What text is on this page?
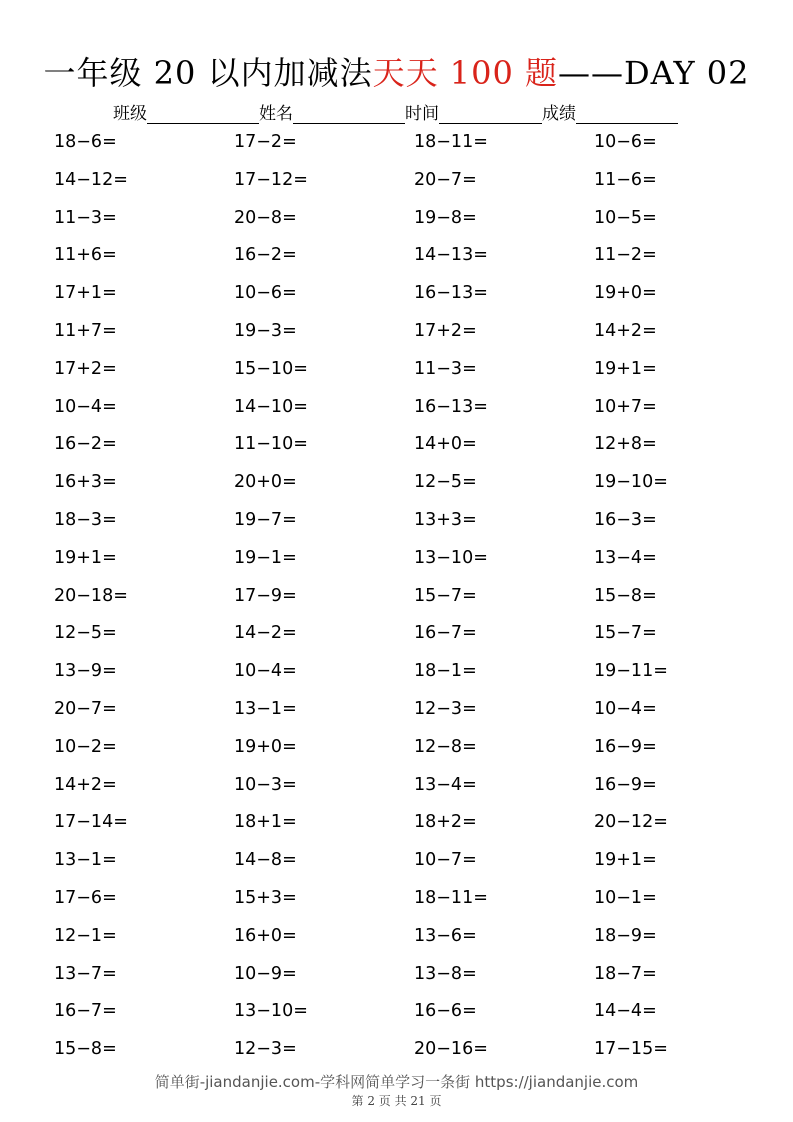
一年级 20 以内加减法天天 100 题——DAY 02
班级	姓名	时间	成绩
18−6=	17−2=	18−11=	10−6=
14−12=	17−12=	20−7=	11−6=
11−3=	20−8=	19−8=	10−5=
11+6=	16−2=	14−13=	11−2=
17+1=	10−6=	16−13=	19+0=
11+7=	19−3=	17+2=	14+2=
17+2=	15−10=	11−3=	19+1=
10−4=	14−10=	16−13=	10+7=
16−2=	11−10=	14+0=	12+8=
16+3=	20+0=	12−5=	19−10=
18−3=	19−7=	13+3=	16−3=
19+1=	19−1=	13−10=	13−4=
20−18=	17−9=	15−7=	15−8=
12−5=	14−2=	16−7=	15−7=
13−9=	10−4=	18−1=	19−11=
20−7=	13−1=	12−3=	10−4=
10−2=	19+0=	12−8=	16−9=
14+2=	10−3=	13−4=	16−9=
17−14=	18+1=	18+2=	20−12=
13−1=	14−8=	10−7=	19+1=
17−6=	15+3=	18−11=	10−1=
12−1=	16+0=	13−6=	18−9=
13−7=	10−9=	13−8=	18−7=
16−7=	13−10=	16−6=	14−4=
15−8=	12−3=	20−16=	17−15=
简单街-jiandanjie.com-学科网简单学习一条街 https://jiandanjie.com
第 2 页 共 21 页
